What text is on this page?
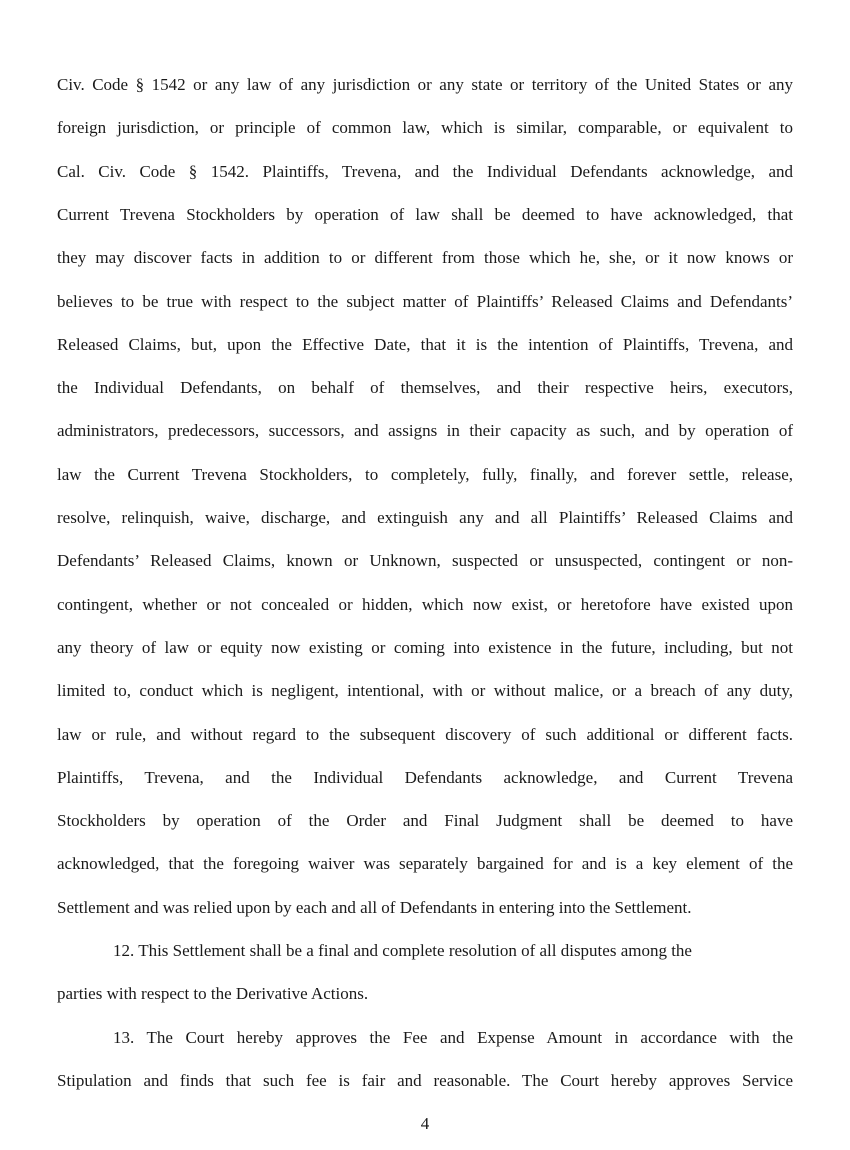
Civ. Code § 1542 or any law of any jurisdiction or any state or territory of the United States or any
foreign jurisdiction, or principle of common law, which is similar, comparable, or equivalent to
Cal. Civ. Code § 1542. Plaintiffs, Trevena, and the Individual Defendants acknowledge, and
Current Trevena Stockholders by operation of law shall be deemed to have acknowledged, that
they may discover facts in addition to or different from those which he, she, or it now knows or
believes to be true with respect to the subject matter of Plaintiffs’ Released Claims and Defendants’
Released Claims, but, upon the Effective Date, that it is the intention of Plaintiffs, Trevena, and
the Individual Defendants, on behalf of themselves, and their respective heirs, executors,
administrators, predecessors, successors, and assigns in their capacity as such, and by operation of
law the Current Trevena Stockholders, to completely, fully, finally, and forever settle, release,
resolve, relinquish, waive, discharge, and extinguish any and all Plaintiffs’ Released Claims and
Defendants’ Released Claims, known or Unknown, suspected or unsuspected, contingent or non-
contingent, whether or not concealed or hidden, which now exist, or heretofore have existed upon
any theory of law or equity now existing or coming into existence in the future, including, but not
limited to, conduct which is negligent, intentional, with or without malice, or a breach of any duty,
law or rule, and without regard to the subsequent discovery of such additional or different facts.
Plaintiffs, Trevena, and the Individual Defendants acknowledge, and Current Trevena
Stockholders by operation of the Order and Final Judgment shall be deemed to have
acknowledged, that the foregoing waiver was separately bargained for and is a key element of the
Settlement and was relied upon by each and all of Defendants in entering into the Settlement.
12. This Settlement shall be a final and complete resolution of all disputes among the
parties with respect to the Derivative Actions.
13. The Court hereby approves the Fee and Expense Amount in accordance with the
Stipulation and finds that such fee is fair and reasonable. The Court hereby approves Service
4
